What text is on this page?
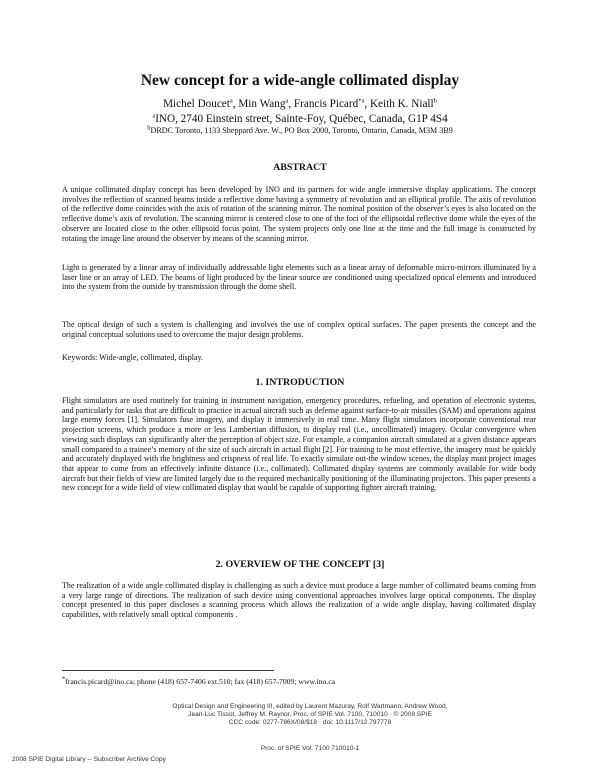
New concept for a wide-angle collimated display
Michel Doucet$^a$, Min Wang$^a$, Francis Picard$^{*a}$, Keith K. Niall$^b$
$^a$INO, 2740 Einstein street, Sainte-Foy, Québec, Canada, G1P 4S4
$^b$DRDC Toronto, 1133 Sheppard Ave. W., PO Box 2000, Toronto, Ontario, Canada, M3M 3B9
ABSTRACT
A unique collimated display concept has been developed by INO and its partners for wide angle immersive display applications. The concept involves the reflection of scanned beams inside a reflective dome having a symmetry of revolution and an elliptical profile. The axis of revolution of the reflective dome coincides with the axis of rotation of the scanning mirror. The nominal position of the observer’s eyes is also located on the reflective dome’s axis of revolution. The scanning mirror is centered close to one of the foci of the ellipsoidal reflective dome while the eyes of the observer are located close to the other ellipsoid focus point. The system projects only one line at the time and the full image is constructed by rotating the image line around the observer by means of the scanning mirror.
Light is generated by a linear array of individually addressable light elements such as a linear array of deformable micro-mirrors illuminated by a laser line or an array of LED. The beams of light produced by the linear source are conditioned using specialized optical elements and introduced into the system from the outside by transmission through the dome shell.
The optical design of such a system is challenging and involves the use of complex optical surfaces. The paper presents the concept and the original conceptual solutions used to overcome the major design problems.
Keywords: Wide-angle, collimated, display.
1. INTRODUCTION
Flight simulators are used routinely for training in instrument navigation, emergency procedures, refueling, and operation of electronic systems, and particularly for tasks that are difficult to practice in actual aircraft such as defense against surface-to-air missiles (SAM) and operations against large enemy forces [1]. Simulators fuse imagery, and display it immersively in real time. Many flight simulators incorporate conventional rear projection screens, which produce a more or less Lambertian diffusion, to display real (i.e., uncollimated) imagery. Ocular convergence when viewing such displays can significantly alter the perception of object size. For example, a companion aircraft simulated at a given distance appears small compared to a trainee’s memory of the size of such aircraft in actual flight [2]. For training to be most effective, the imagery must be quickly and accurately displayed with the brightness and crispness of real life. To exactly simulate out-the window scenes, the display must project images that appear to come from an effectively infinite distance (i.e., collimated). Collimated display systems are commonly available for wide body aircraft but their fields of view are limited largely due to the required mechanically positioning of the illuminating projectors. This paper presents a new concept for a wide field of view collimated display that would be capable of supporting fighter aircraft training.
2. OVERVIEW OF THE CONCEPT [3]
The realization of a wide angle collimated display is challenging as such a device must produce a large number of collimated beams coming from a very large range of directions. The realization of such device using conventional approaches involves large optical components. The display concept presented in this paper discloses a scanning process which allows the realization of a wide angle display, having collimated display capabilities, with relatively small optical components .
*francis.picard@ino.ca; phone (418) 657-7406 ext.510; fax (418) 657-7009; www.ino.ca
Optical Design and Engineering III, edited by Laurent Mazuray, Rolf Wartmann, Andrew Wood,
Jean-Luc Tissot, Jeffrey M. Raynor, Proc. of SPIE Vol. 7100, 710010 · © 2008 SPIE
CCC code: 0277-786X/08/$18 · doi: 10.1117/12.797778
Proc. of SPIE Vol. 7100 710010-1
2008 SPIE Digital Library -- Subscriber Archive Copy
